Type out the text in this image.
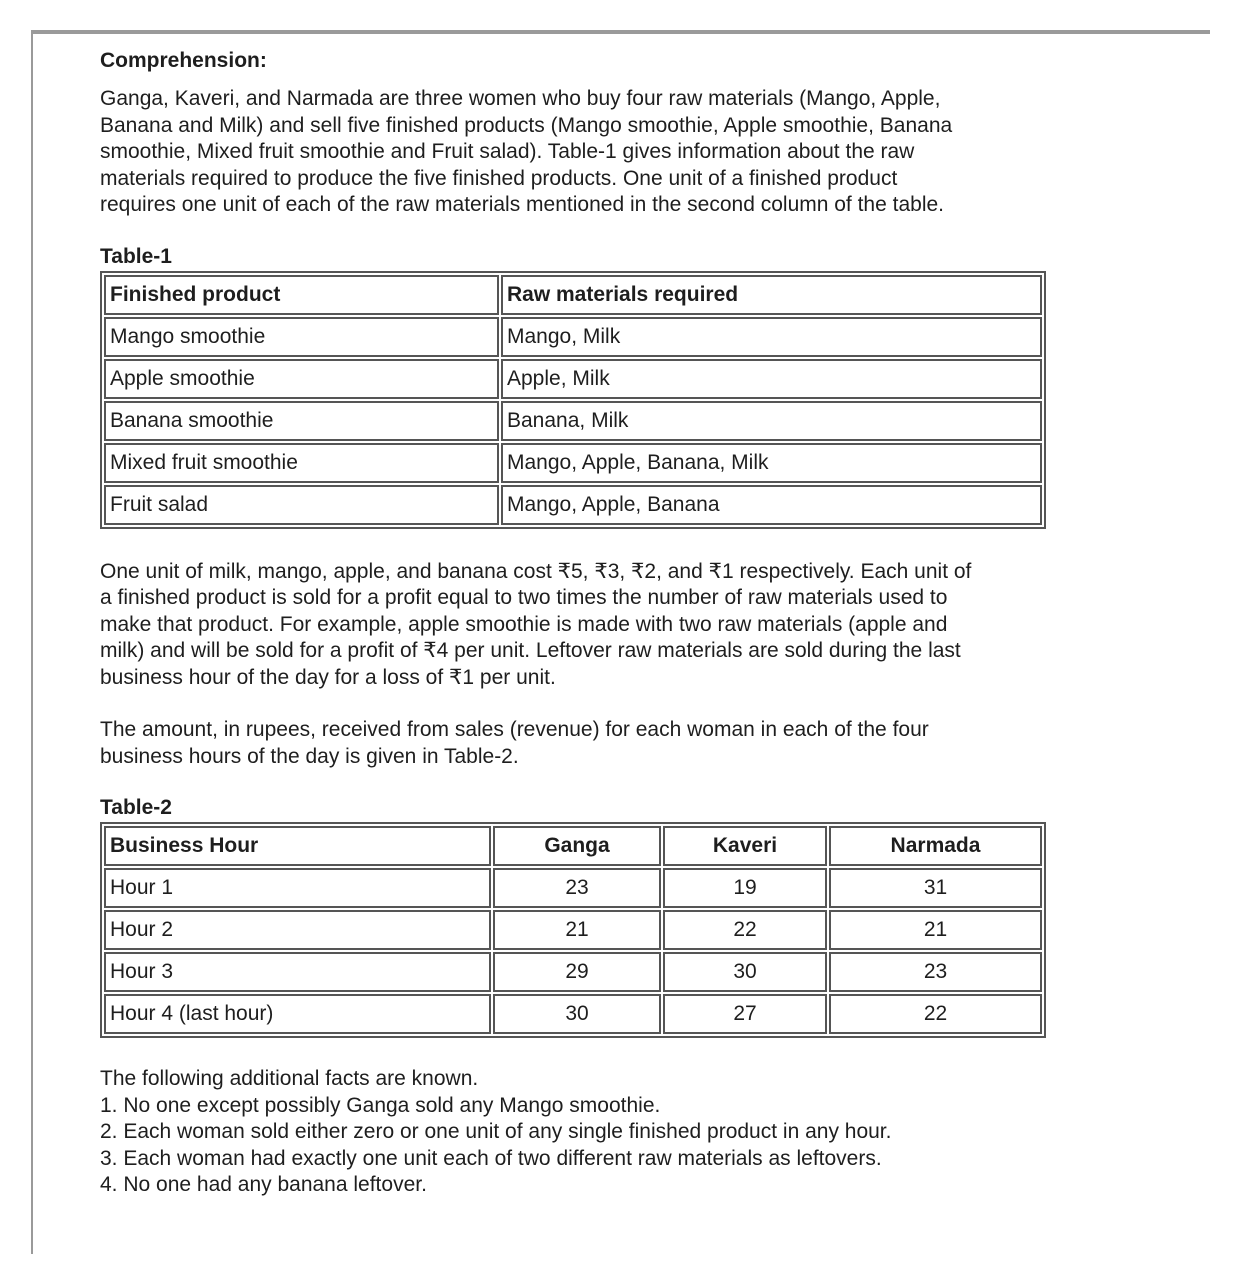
Comprehension:

Ganga, Kaveri, and Narmada are three women who buy four raw materials (Mango, Apple,
Banana and Milk) and sell five finished products (Mango smoothie, Apple smoothie, Banana
smoothie, Mixed fruit smoothie and Fruit salad). Table-1 gives information about the raw
materials required to produce the five finished products. One unit of a finished product
requires one unit of each of the raw materials mentioned in the second column of the table.

Table-1

Finished product	Raw materials required
Mango smoothie	Mango, Milk
Apple smoothie	Apple, Milk
Banana smoothie	Banana, Milk
Mixed fruit smoothie	Mango, Apple, Banana, Milk
Fruit salad	Mango, Apple, Banana

One unit of milk, mango, apple, and banana cost ₹5, ₹3, ₹2, and ₹1 respectively. Each unit of
a finished product is sold for a profit equal to two times the number of raw materials used to
make that product. For example, apple smoothie is made with two raw materials (apple and
milk) and will be sold for a profit of ₹4 per unit. Leftover raw materials are sold during the last
business hour of the day for a loss of ₹1 per unit.

The amount, in rupees, received from sales (revenue) for each woman in each of the four
business hours of the day is given in Table-2.

Table-2

Business Hour	Ganga	Kaveri	Narmada
Hour 1	23	19	31
Hour 2	21	22	21
Hour 3	29	30	23
Hour 4 (last hour)	30	27	22

The following additional facts are known.

1. No one except possibly Ganga sold any Mango smoothie.

2. Each woman sold either zero or one unit of any single finished product in any hour.

3. Each woman had exactly one unit each of two different raw materials as leftovers.

4. No one had any banana leftover.
